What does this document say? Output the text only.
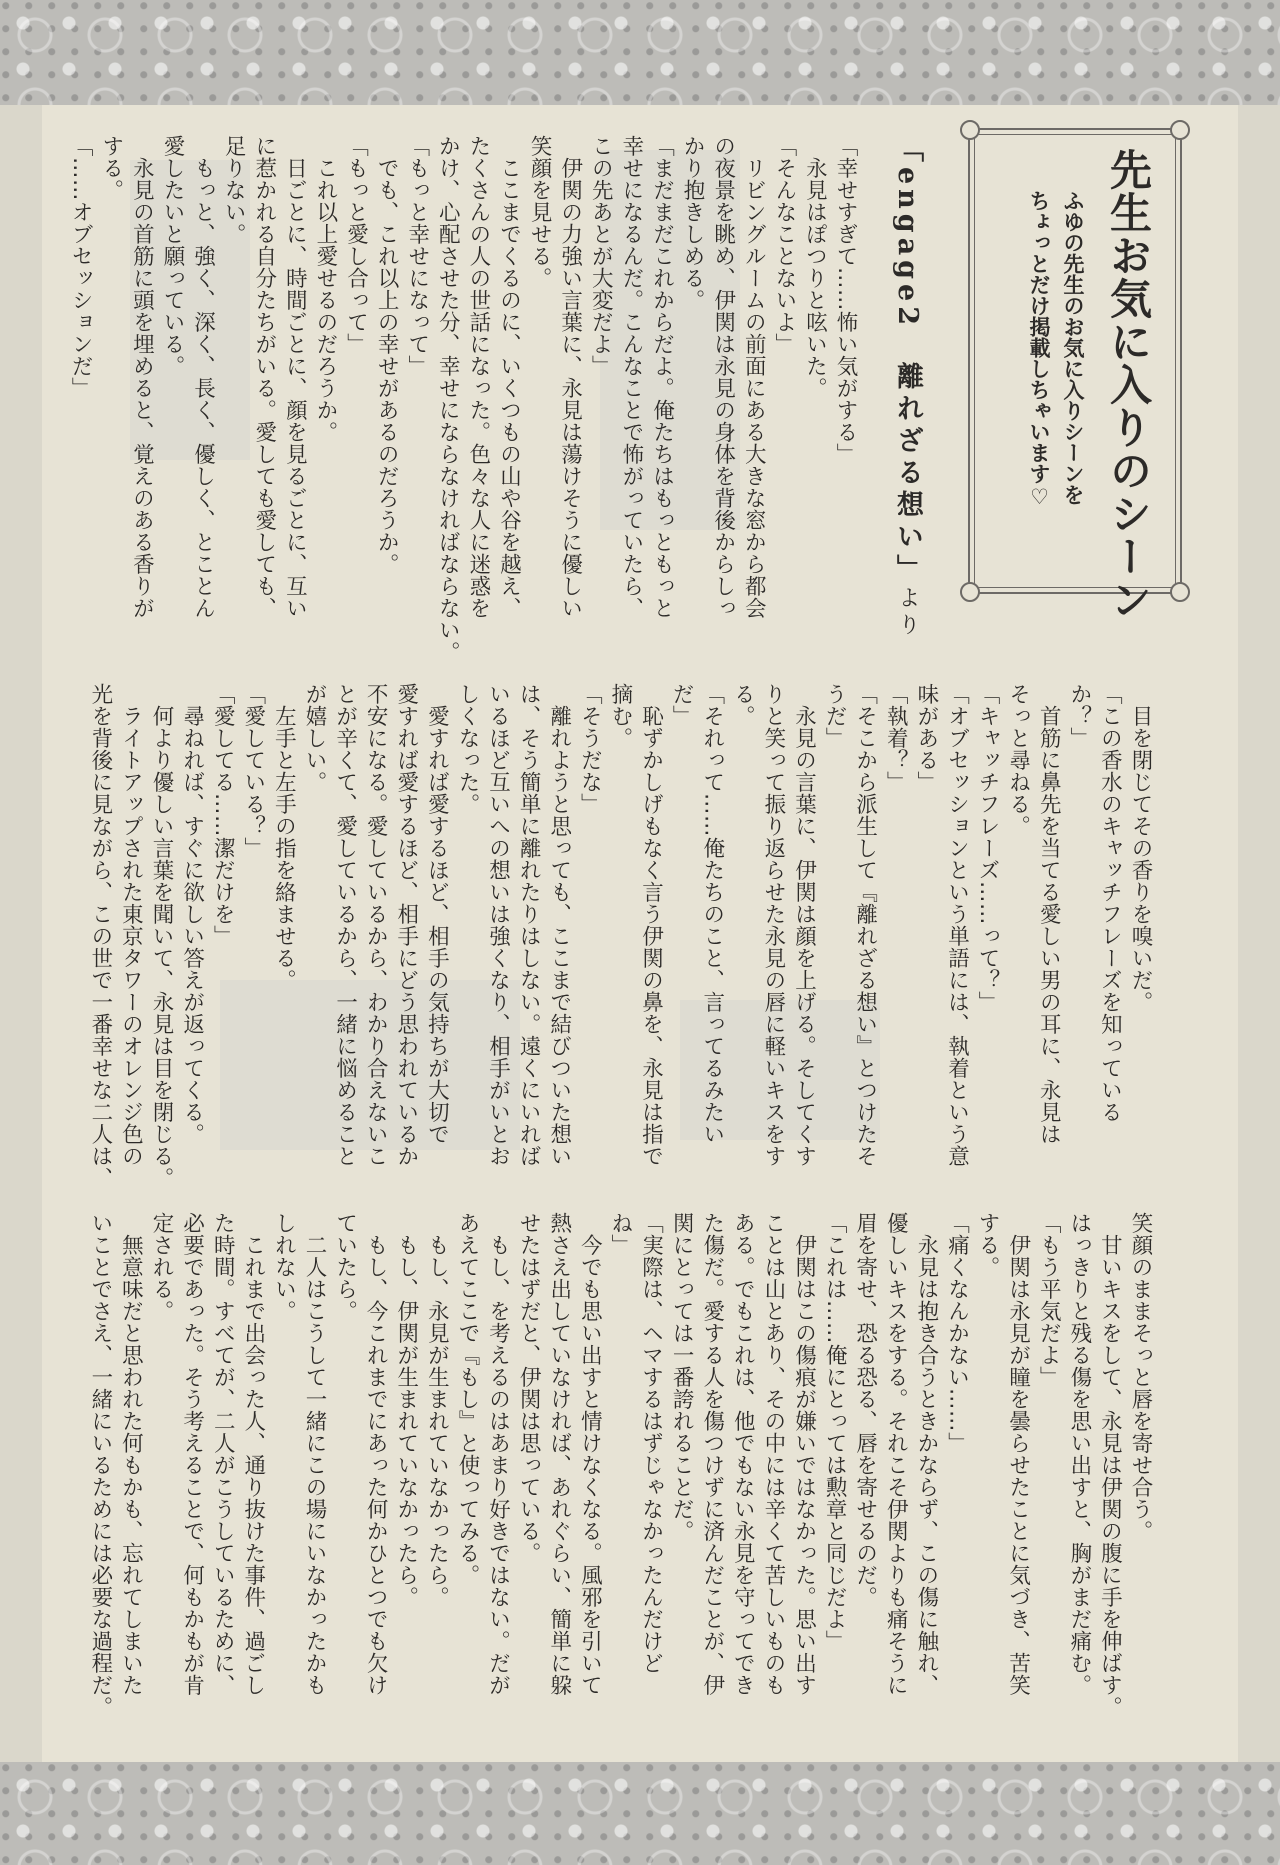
先生お気に入りのシーン
ふゆの先生のお気に入りシーンを
ちょっとだけ掲載しちゃいます♡
「engage2　離れざる想い」より
「幸せすぎて……怖い気がする」
　永見はぽつりと呟いた。
「そんなことないよ」
　リビングルームの前面にある大きな窓から都会
の夜景を眺め、伊関は永見の身体を背後からしっ
かり抱きしめる。
「まだまだこれからだよ。俺たちはもっともっと
幸せになるんだ。こんなことで怖がっていたら、
この先あとが大変だよ」
　伊関の力強い言葉に、永見は蕩けそうに優しい
笑顔を見せる。
　ここまでくるのに、いくつもの山や谷を越え、
たくさんの人の世話になった。色々な人に迷惑を
かけ、心配させた分、幸せにならなければならない。
「もっと幸せになって」
　でも、これ以上の幸せがあるのだろうか。
「もっと愛し合って」
　これ以上愛せるのだろうか。
　日ごとに、時間ごとに、顔を見るごとに、互い
に惹かれる自分たちがいる。愛しても愛しても、
足りない。
　もっと、強く、深く、長く、優しく、とことん
愛したいと願っている。
　永見の首筋に頭を埋めると、覚えのある香りが
する。
「……オブセッションだ」
　目を閉じてその香りを嗅いだ。
「この香水のキャッチフレーズを知っている
か？」
　首筋に鼻先を当てる愛しい男の耳に、永見は
そっと尋ねる。
「キャッチフレーズ……って？」
「オブセッションという単語には、執着という意
味がある」
「執着？」
「そこから派生して『離れざる想い』とつけたそ
うだ」
　永見の言葉に、伊関は顔を上げる。そしてくす
りと笑って振り返らせた永見の唇に軽いキスをす
る。
「それって……俺たちのこと、言ってるみたい
だ」
　恥ずかしげもなく言う伊関の鼻を、永見は指で
摘む。
「そうだな」
　離れようと思っても、ここまで結びついた想い
は、そう簡単に離れたりはしない。遠くにいれば
いるほど互いへの想いは強くなり、相手がいとお
しくなった。
　愛すれば愛するほど、相手の気持ちが大切で
愛すれば愛するほど、相手にどう思われているか
不安になる。愛しているから、わかり合えないこ
とが辛くて、愛しているから、一緒に悩めること
が嬉しい。
　左手と左手の指を絡ませる。
「愛している？」
「愛してる……潔だけを」
　尋ねれば、すぐに欲しい答えが返ってくる。
　何より優しい言葉を聞いて、永見は目を閉じる。
　ライトアップされた東京タワーのオレンジ色の
光を背後に見ながら、この世で一番幸せな二人は、
笑顔のままそっと唇を寄せ合う。
　甘いキスをして、永見は伊関の腹に手を伸ばす。
はっきりと残る傷を思い出すと、胸がまだ痛む。
「もう平気だよ」
　伊関は永見が瞳を曇らせたことに気づき、苦笑
する。
「痛くなんかない……」
　永見は抱き合うときかならず、この傷に触れ、
優しいキスをする。それこそ伊関よりも痛そうに
眉を寄せ、恐る恐る、唇を寄せるのだ。
「これは……俺にとっては勲章と同じだよ」
　伊関はこの傷痕が嫌いではなかった。思い出す
ことは山とあり、その中には辛くて苦しいものも
ある。でもこれは、他でもない永見を守ってでき
た傷だ。愛する人を傷つけずに済んだことが、伊
関にとっては一番誇れることだ。
「実際は、ヘマするはずじゃなかったんだけど
ね」
　今でも思い出すと情けなくなる。風邪を引いて
熱さえ出していなければ、あれぐらい、簡単に躱
せたはずだと、伊関は思っている。
　もし、を考えるのはあまり好きではない。だが
あえてここで『もし』と使ってみる。
　もし、永見が生まれていなかったら。
　もし、伊関が生まれていなかったら。
　もし、今これまでにあった何かひとつでも欠け
ていたら。
　二人はこうして一緒にこの場にいなかったかも
しれない。
　これまで出会った人、通り抜けた事件、過ごし
た時間。すべてが、二人がこうしているために、
必要であった。そう考えることで、何もかもが肯
定される。
　無意味だと思われた何もかも、忘れてしまいた
いことでさえ、一緒にいるためには必要な過程だ。
